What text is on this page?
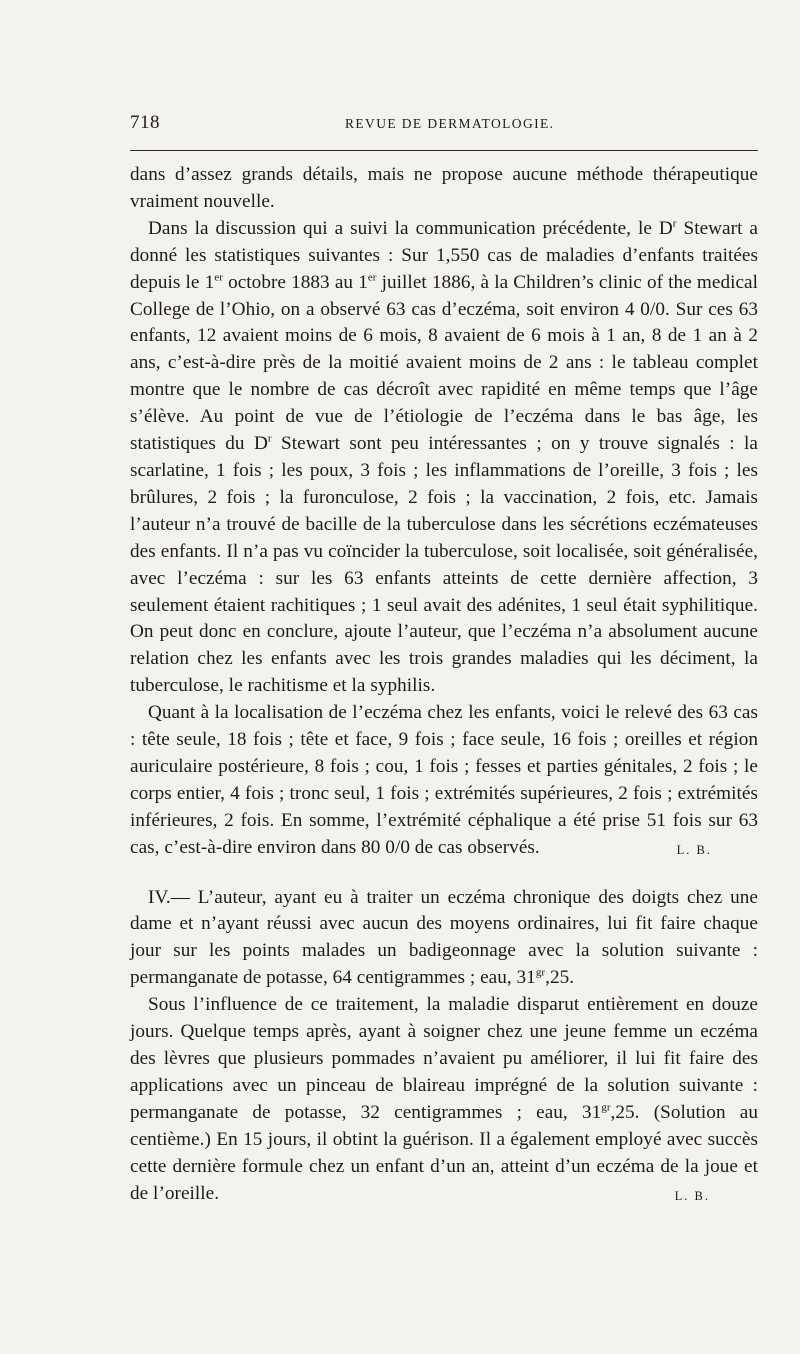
718	REVUE DE DERMATOLOGIE.

dans d’assez grands détails, mais ne propose aucune méthode thérapeutique vraiment nouvelle.

Dans la discussion qui a suivi la communication précédente, le $D^r$ Stewart a donné les statistiques suivantes : Sur 1,550 cas de maladies d’enfants traitées depuis le 1er octobre 1883 au 1er juillet 1886, à la Children’s clinic of the medical College de l’Ohio, on a observé 63 cas d’eczéma, soit environ 4 0/0. Sur ces 63 enfants, 12 avaient moins de 6 mois, 8 avaient de 6 mois à 1 an, 8 de 1 an à 2 ans, c’est-à-dire près de la moitié avaient moins de 2 ans : le tableau complet montre que le nombre de cas décroît avec rapidité en même temps que l’âge s’élève. Au point de vue de l’étiologie de l’eczéma dans le bas âge, les statistiques du $D^r$ Stewart sont peu intéressantes ; on y trouve signalés : la scarlatine, 1 fois ; les poux, 3 fois ; les inflammations de l’oreille, 3 fois ; les brûlures, 2 fois ; la furonculose, 2 fois ; la vaccination, 2 fois, etc. Jamais l’auteur n’a trouvé de bacille de la tuberculose dans les sécrétions eczémateuses des enfants. Il n’a pas vu coïncider la tuberculose, soit localisée, soit généralisée, avec l’eczéma : sur les 63 enfants atteints de cette dernière affection, 3 seulement étaient rachitiques ; 1 seul avait des adénites, 1 seul était syphilitique. On peut donc en conclure, ajoute l’auteur, que l’eczéma n’a absolument aucune relation chez les enfants avec les trois grandes maladies qui les déciment, la tuberculose, le rachitisme et la syphilis.

Quant à la localisation de l’eczéma chez les enfants, voici le relevé des 63 cas : tête seule, 18 fois ; tête et face, 9 fois ; face seule, 16 fois ; oreilles et région auriculaire postérieure, 8 fois ; cou, 1 fois ; fesses et parties génitales, 2 fois ; le corps entier, 4 fois ; tronc seul, 1 fois ; extrémités supérieures, 2 fois ; extrémités inférieures, 2 fois. En somme, l’extrémité céphalique a été prise 51 fois sur 63 cas, c’est-à-dire environ dans 80 0/0 de cas observés.	L. B.

IV.— L’auteur, ayant eu à traiter un eczéma chronique des doigts chez une dame et n’ayant réussi avec aucun des moyens ordinaires, lui fit faire chaque jour sur les points malades un badigeonnage avec la solution suivante : permanganate de potasse, 64 centigrammes ; eau, $31^{gr},25$.

Sous l’influence de ce traitement, la maladie disparut entièrement en douze jours. Quelque temps après, ayant à soigner chez une jeune femme un eczéma des lèvres que plusieurs pommades n’avaient pu améliorer, il lui fit faire des applications avec un pinceau de blaireau imprégné de la solution suivante : permanganate de potasse, 32 centigrammes ; eau, $31^{gr},25$. (Solution au centième.) En 15 jours, il obtint la guérison. Il a également employé avec succès cette dernière formule chez un enfant d’un an, atteint d’un eczéma de la joue et de l’oreille.	L. B.
